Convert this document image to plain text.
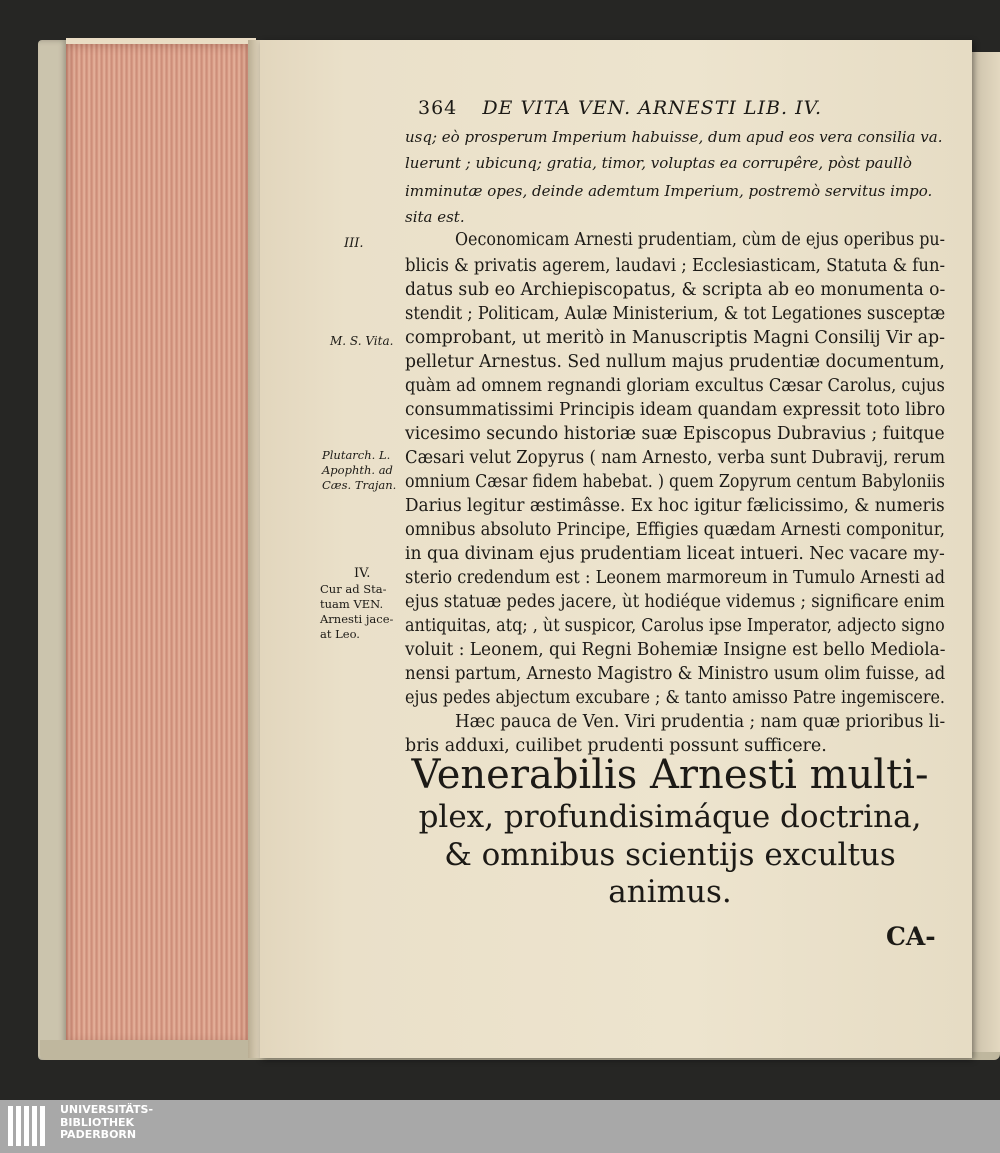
364 DE VITA VEN. ARNESTI LIB. IV.
usq; eò prosperum Imperium habuisse, dum apud eos vera consilia va.
luerunt ; ubicunq; gratia, timor, voluptas ea corrupêre, pòst paullò
imminutæ opes, deinde ademtum Imperium, postremò servitus impo.
sita est.
Oeconomicam Arnesti prudentiam, cùm de ejus operibus pu-
blicis & privatis agerem, laudavi ; Ecclesiasticam, Statuta & fun-
datus sub eo Archiepiscopatus, & scripta ab eo monumenta o-
stendit ; Politicam, Aulæ Ministerium, & tot Legationes susceptæ
comprobant, ut meritò in Manuscriptis Magni Consilij Vir ap-
pelletur Arnestus. Sed nullum majus prudentiæ documentum,
quàm ad omnem regnandi gloriam excultus Cæsar Carolus, cujus
consummatissimi Principis ideam quandam expressit toto libro
vicesimo secundo historiæ suæ Episcopus Dubravius ; fuitque
Cæsari velut Zopyrus ( nam Arnesto, verba sunt Dubravij, rerum
omnium Cæsar fidem habebat. ) quem Zopyrum centum Babyloniis
Darius legitur æstimâsse. Ex hoc igitur fælicissimo, & numeris
omnibus absoluto Principe, Effigies quædam Arnesti componitur,
in qua divinam ejus prudentiam liceat intueri. Nec vacare my-
sterio credendum est : Leonem marmoreum in Tumulo Arnesti ad
ejus statuæ pedes jacere, ùt hodiéque videmus ; significare enim
antiquitas, atq; , ùt suspicor, Carolus ipse Imperator, adjecto signo
voluit : Leonem, qui Regni Bohemiæ Insigne est bello Mediola-
nensi partum, Arnesto Magistro & Ministro usum olim fuisse, ad
ejus pedes abjectum excubare ; & tanto amisso Patre ingemiscere.
Hæc pauca de Ven. Viri prudentia ; nam quæ prioribus li-
bris adduxi, cuilibet prudenti possunt sufficere.
III.
M. S. Vita.
Plutarch. L.
Apophth. ad
Cæs. Trajan.
IV.
Cur ad Sta-
tuam VEN.
Arnesti jace-
at Leo.
Venerabilis Arnesti multi-
plex, profundisimáque doctrina,
& omnibus scientijs excultus
animus.
CA-
UNIVERSITÄTS-
BIBLIOTHEK
PADERBORN
